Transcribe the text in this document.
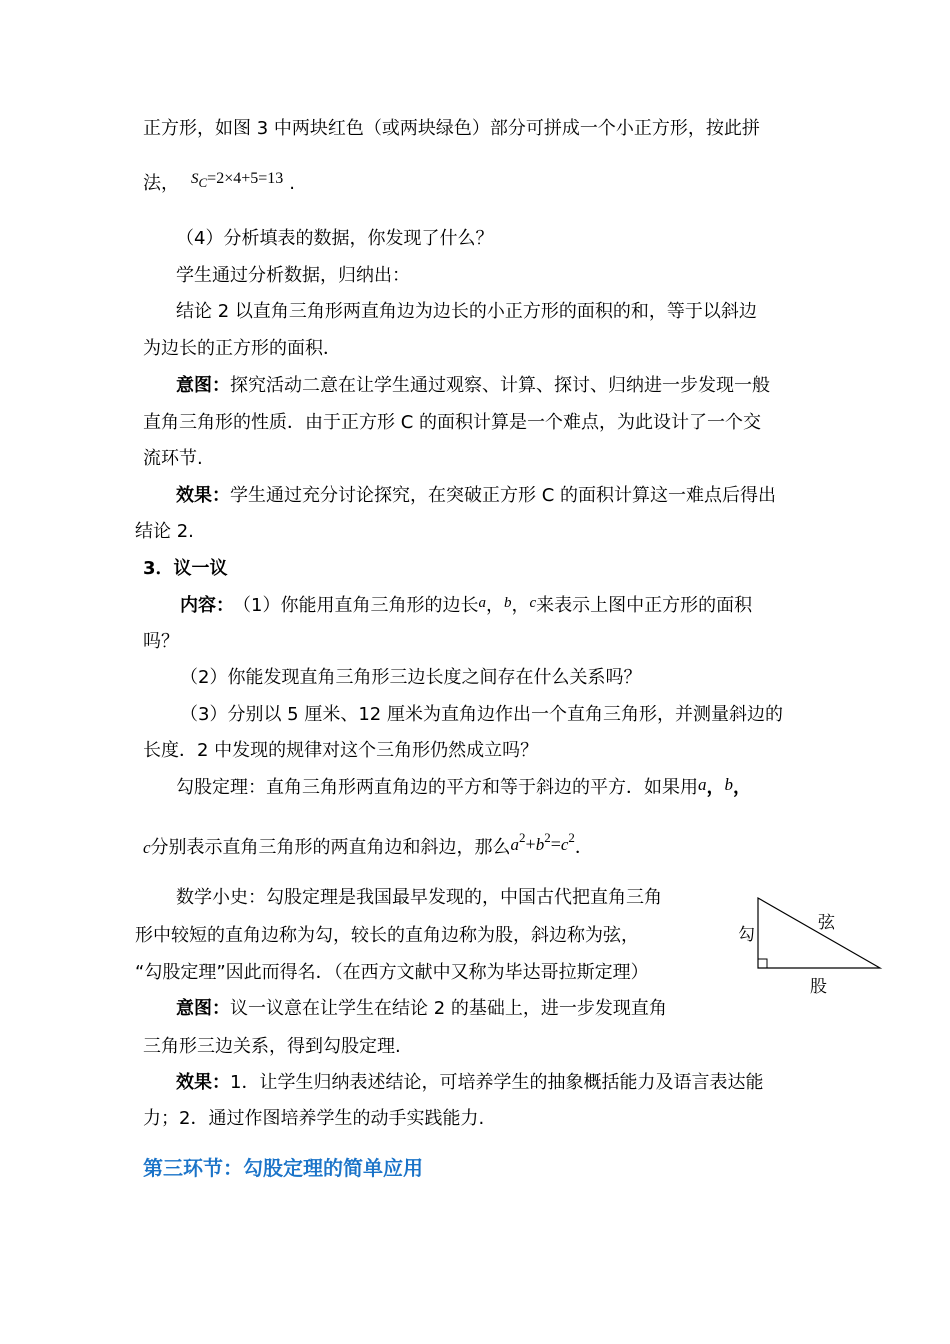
正方形，如图 3 中两块红色（或两块绿色）部分可拼成一个小正方形，按此拼
法， $^S$C=2×4+5=13 .
（4）分析填表的数据，你发现了什么？
学生通过分析数据，归纳出：
结论 2 以直角三角形两直角边为边长的小正方形的面积的和，等于以斜边
为边长的正方形的面积．
意图：探究活动二意在让学生通过观察、计算、探讨、归纳进一步发现一般
直角三角形的性质．由于正方形 C 的面积计算是一个难点，为此设计了一个交
流环节.
效果：学生通过充分讨论探究，在突破正方形 C 的面积计算这一难点后得出
结论 2.
3．议一议
内容： （1）你能用直角三角形的边长$^a$，$^b$，$^c$来表示上图中正方形的面积
吗？
（2）你能发现直角三角形三边长度之间存在什么关系吗？
（3）分别以 5 厘米、12 厘米为直角边作出一个直角三角形，并测量斜边的
长度．2 中发现的规律对这个三角形仍然成立吗？
勾股定理：直角三角形两直角边的平方和等于斜边的平方．如果用a，b，
c分别表示直角三角形的两直角边和斜边，那么$a^2+b^2=c^2$．
数学小史：勾股定理是我国最早发现的，中国古代把直角三角
形中较短的直角边称为勾，较长的直角边称为股，斜边称为弦，
“勾股定理”因此而得名．（在西方文献中又称为毕达哥拉斯定理）
勾
股
弦
意图：议一议意在让学生在结论 2 的基础上，进一步发现直角
三角形三边关系，得到勾股定理.
效果：1．让学生归纳表述结论，可培养学生的抽象概括能力及语言表达能
力；2．通过作图培养学生的动手实践能力.
第三环节：勾股定理的简单应用
